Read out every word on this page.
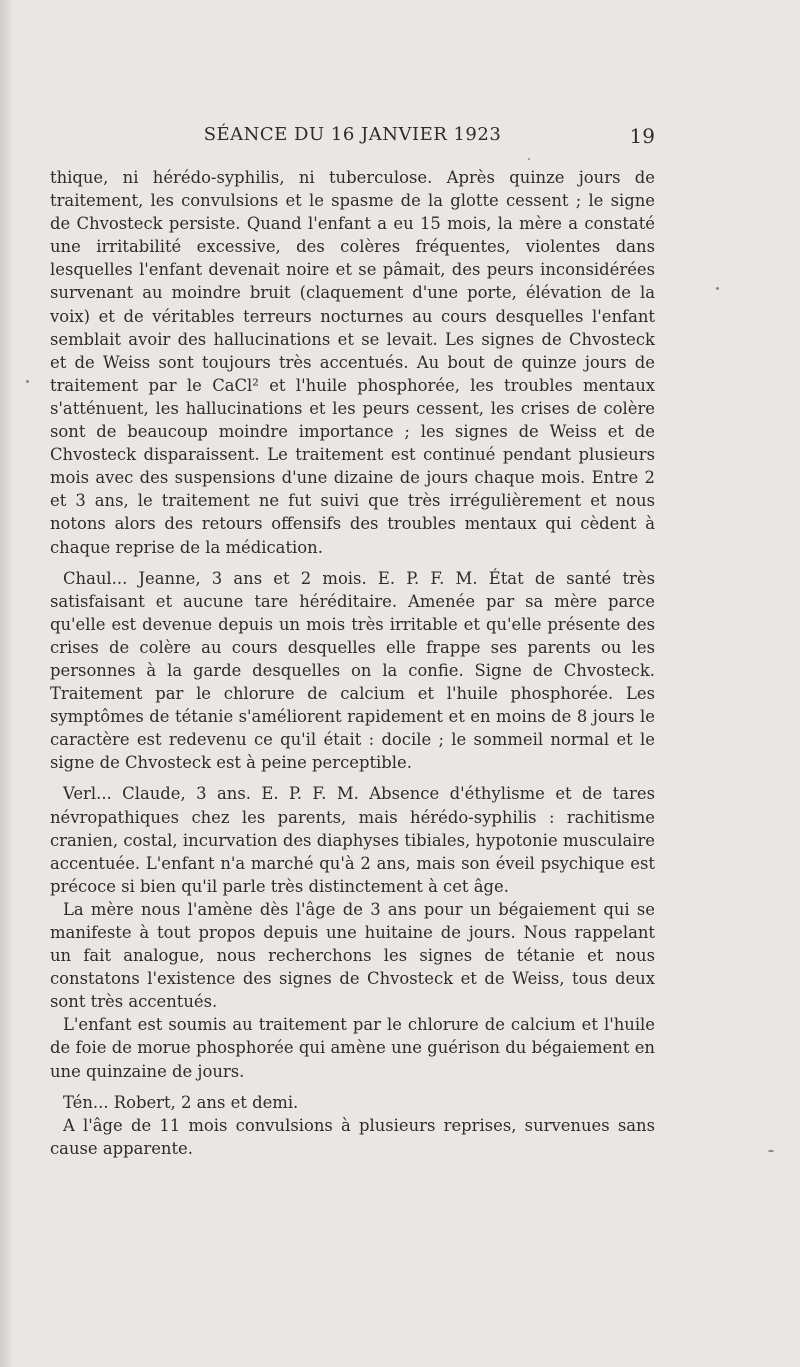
SÉANCE DU 16 JANVIER 1923	19

thique, ni hérédo-syphilis, ni tuberculose. Après quinze jours de traitement, les convulsions et le spasme de la glotte cessent ; le signe de Chvosteck persiste. Quand l'enfant a eu 15 mois, la mère a constaté une irritabilité excessive, des colères fréquentes, violentes dans lesquelles l'enfant devenait noire et se pâmait, des peurs inconsidérées survenant au moindre bruit (claquement d'une porte, élévation de la voix) et de véritables terreurs nocturnes au cours desquelles l'enfant semblait avoir des hallucinations et se levait. Les signes de Chvosteck et de Weiss sont toujours très accentués. Au bout de quinze jours de traitement par le CaCl² et l'huile phosphorée, les troubles mentaux s'atténuent, les hallucinations et les peurs cessent, les crises de colère sont de beaucoup moindre importance ; les signes de Weiss et de Chvosteck disparaissent. Le traitement est continué pendant plusieurs mois avec des suspensions d'une dizaine de jours chaque mois. Entre 2 et 3 ans, le traitement ne fut suivi que très irrégulièrement et nous notons alors des retours offensifs des troubles mentaux qui cèdent à chaque reprise de la médication.

Chaul... Jeanne, 3 ans et 2 mois. E. P. F. M. État de santé très satisfaisant et aucune tare héréditaire. Amenée par sa mère parce qu'elle est devenue depuis un mois très irritable et qu'elle présente des crises de colère au cours desquelles elle frappe ses parents ou les personnes à la garde desquelles on la confie. Signe de Chvosteck. Traitement par le chlorure de calcium et l'huile phosphorée. Les symptômes de tétanie s'améliorent rapidement et en moins de 8 jours le caractère est redevenu ce qu'il était : docile ; le sommeil normal et le signe de Chvosteck est à peine perceptible.

Verl... Claude, 3 ans. E. P. F. M. Absence d'éthylisme et de tares névropathiques chez les parents, mais hérédo-syphilis : rachitisme cranien, costal, incurvation des diaphyses tibiales, hypotonie musculaire accentuée. L'enfant n'a marché qu'à 2 ans, mais son éveil psychique est précoce si bien qu'il parle très distinctement à cet âge.

La mère nous l'amène dès l'âge de 3 ans pour un bégaiement qui se manifeste à tout propos depuis une huitaine de jours. Nous rappelant un fait analogue, nous recherchons les signes de tétanie et nous constatons l'existence des signes de Chvosteck et de Weiss, tous deux sont très accentués.

L'enfant est soumis au traitement par le chlorure de calcium et l'huile de foie de morue phosphorée qui amène une guérison du bégaiement en une quinzaine de jours.

Tén... Robert, 2 ans et demi.

A l'âge de 11 mois convulsions à plusieurs reprises, survenues sans cause apparente.
